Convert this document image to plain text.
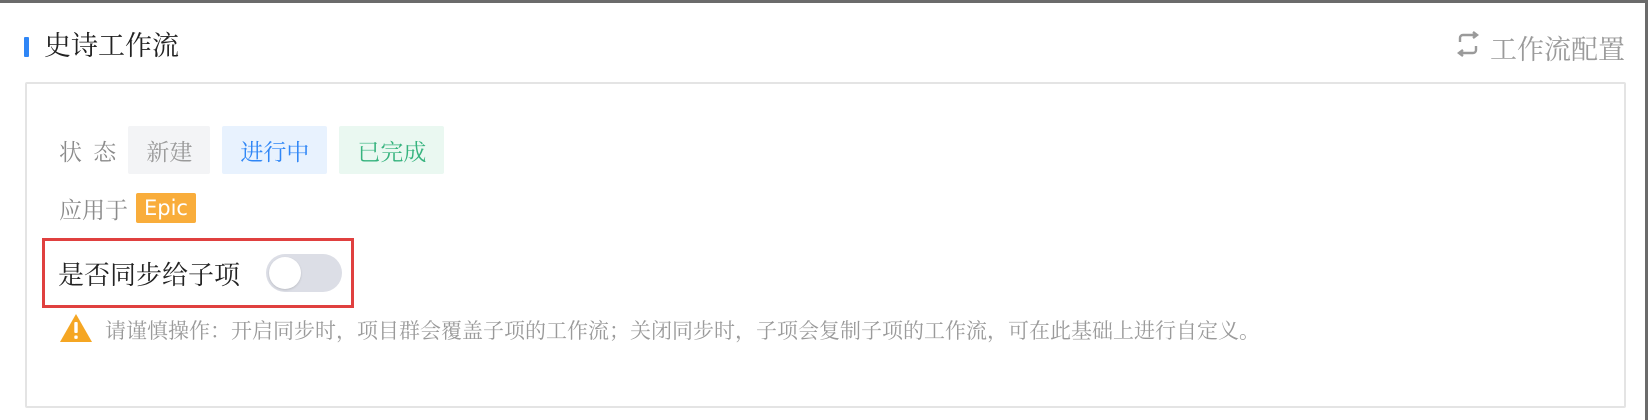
史诗工作流	工作流配置
状 态	新建	进行中	已完成
应用于 Epic
是否同步给子项
请谨慎操作：开启同步时，项目群会覆盖子项的工作流；关闭同步时，子项会复制子项的工作流，可在此基础上进行自定义。
